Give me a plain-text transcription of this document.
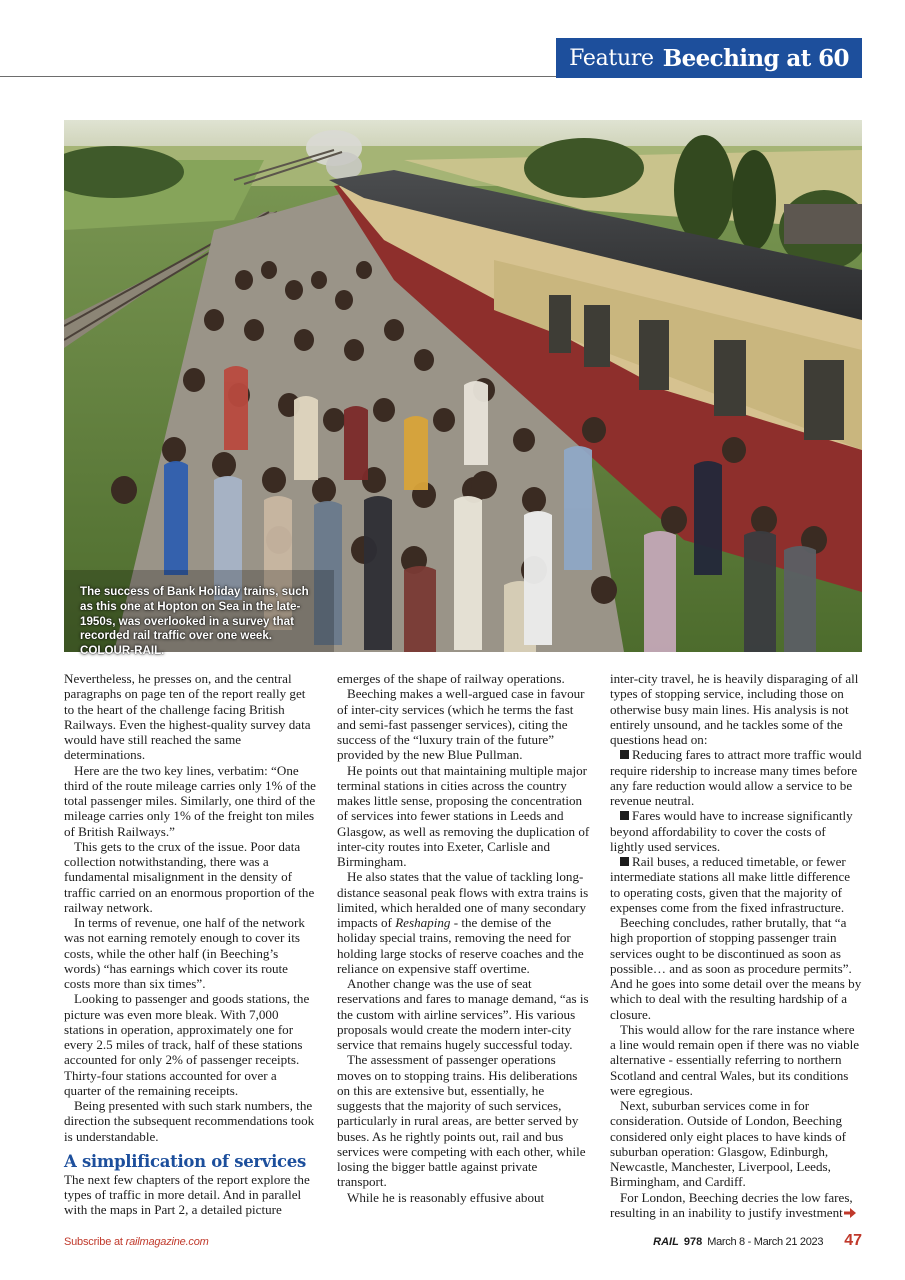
Feature Beeching at 60
The success of Bank Holiday trains, such as this one at Hopton on Sea in the late-1950s, was overlooked in a survey that recorded rail traffic over one week. COLOUR-RAIL.

Nevertheless, he presses on, and the central paragraphs on page ten of the report really get to the heart of the challenge facing British Railways. Even the highest-quality survey data would have still reached the same determinations.

Here are the two key lines, verbatim: “One third of the route mileage carries only 1% of the total passenger miles. Similarly, one third of the mileage carries only 1% of the freight ton miles of British Railways.”

This gets to the crux of the issue. Poor data collection notwithstanding, there was a fundamental misalignment in the density of traffic carried on an enormous proportion of the railway network.

In terms of revenue, one half of the network was not earning remotely enough to cover its costs, while the other half (in Beeching’s words) “has earnings which cover its route costs more than six times”.

Looking to passenger and goods stations, the picture was even more bleak. With 7,000 stations in operation, approximately one for every 2.5 miles of track, half of these stations accounted for only 2% of passenger receipts. Thirty-four stations accounted for over a quarter of the remaining receipts.

Being presented with such stark numbers, the direction the subsequent recommendations took is understandable.

A simplification of services

The next few chapters of the report explore the types of traffic in more detail. And in parallel with the maps in Part 2, a detailed picture

emerges of the shape of railway operations.

Beeching makes a well-argued case in favour of inter-city services (which he terms the fast and semi-fast passenger services), citing the success of the “luxury train of the future” provided by the new Blue Pullman.

He points out that maintaining multiple major terminal stations in cities across the country makes little sense, proposing the concentration of services into fewer stations in Leeds and Glasgow, as well as removing the duplication of inter-city routes into Exeter, Carlisle and Birmingham.

He also states that the value of tackling long-distance seasonal peak flows with extra trains is limited, which heralded one of many secondary impacts of Reshaping - the demise of the holiday special trains, removing the need for holding large stocks of reserve coaches and the reliance on expensive staff overtime.

Another change was the use of seat reservations and fares to manage demand, “as is the custom with airline services”. His various proposals would create the modern inter-city service that remains hugely successful today.

The assessment of passenger operations moves on to stopping trains. His deliberations on this are extensive but, essentially, he suggests that the majority of such services, particularly in rural areas, are better served by buses. As he rightly points out, rail and bus services were competing with each other, while losing the bigger battle against private transport.

While he is reasonably effusive about

inter-city travel, he is heavily disparaging of all types of stopping service, including those on otherwise busy main lines. His analysis is not entirely unsound, and he tackles some of the questions head on:

Reducing fares to attract more traffic would require ridership to increase many times before any fare reduction would allow a service to be revenue neutral.

Fares would have to increase significantly beyond affordability to cover the costs of lightly used services.

Rail buses, a reduced timetable, or fewer intermediate stations all make little difference to operating costs, given that the majority of expenses come from the fixed infrastructure.

Beeching concludes, rather brutally, that “a high proportion of stopping passenger train services ought to be discontinued as soon as possible… and as soon as procedure permits”. And he goes into some detail over the means by which to deal with the resulting hardship of a closure.

This would allow for the rare instance where a line would remain open if there was no viable alternative - essentially referring to northern Scotland and central Wales, but its conditions were egregious.

Next, suburban services come in for consideration. Outside of London, Beeching considered only eight places to have kinds of suburban operation: Glasgow, Edinburgh, Newcastle, Manchester, Liverpool, Leeds, Birmingham, and Cardiff.

For London, Beeching decries the low fares, resulting in an inability to justify investment

Subscribe at railmagazine.com	RAIL 978 March 8 - March 21 2023 47
